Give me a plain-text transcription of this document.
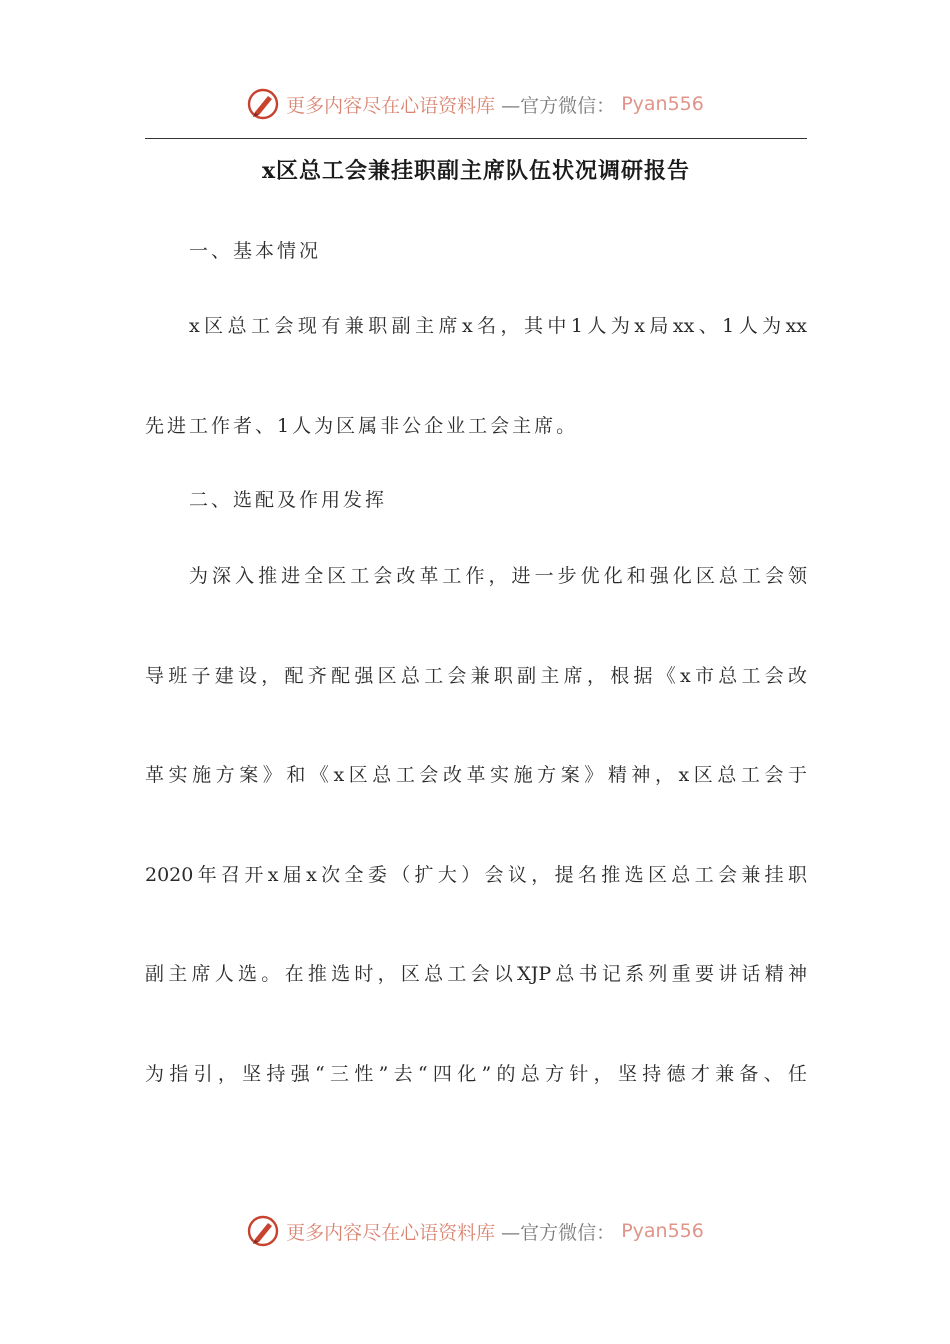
更多内容尽在心语资料库 —官方微信： Pyan556
x区总工会兼挂职副主席队伍状况调研报告
一、基本情况
x区总工会现有兼职副主席x名，其中1人为x局xx、1人为xx
先进工作者、1人为区属非公企业工会主席。
二、选配及作用发挥
为深入推进全区工会改革工作，进一步优化和强化区总工会领
导班子建设，配齐配强区总工会兼职副主席，根据《x市总工会改
革实施方案》和《x区总工会改革实施方案》精神，x区总工会于
2020年召开x届x次全委（扩大）会议，提名推选区总工会兼挂职
副主席人选。在推选时，区总工会以XJP总书记系列重要讲话精神
为指引，坚持强“三性”去“四化”的总方针，坚持德才兼备、任
更多内容尽在心语资料库 —官方微信： Pyan556
